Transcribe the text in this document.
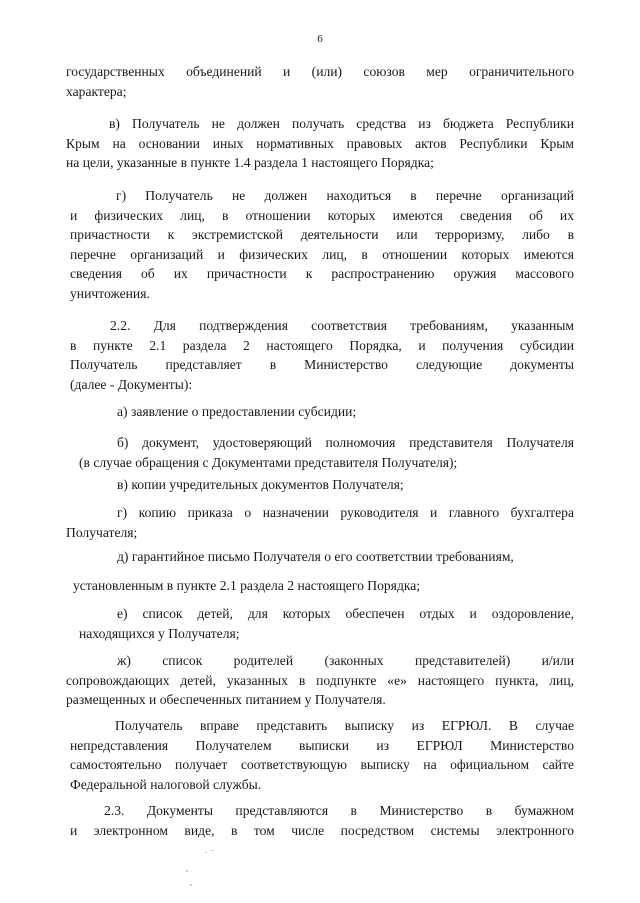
6
государственных объединений и (или) союзов мер ограничительного
характера;
в) Получатель не должен получать средства из бюджета Республики
Крым на основании иных нормативных правовых актов Республики Крым
на цели, указанные в пункте 1.4 раздела 1 настоящего Порядка;
г) Получатель не должен находиться в перечне организаций
и физических лиц, в отношении которых имеются сведения об их
причастности к экстремистской деятельности или терроризму, либо в
перечне организаций и физических лиц, в отношении которых имеются
сведения об их причастности к распространению оружия массового
уничтожения.
2.2. Для подтверждения соответствия требованиям, указанным
в пункте 2.1 раздела 2 настоящего Порядка, и получения субсидии
Получатель представляет в Министерство следующие документы
(далее - Документы):
а) заявление о предоставлении субсидии;
б) документ, удостоверяющий полномочия представителя Получателя
(в случае обращения с Документами представителя Получателя);
в) копии учредительных документов Получателя;
г) копию приказа о назначении руководителя и главного бухгалтера
Получателя;
д) гарантийное письмо Получателя о его соответствии требованиям,
установленным в пункте 2.1 раздела 2 настоящего Порядка;
е) список детей, для которых обеспечен отдых и оздоровление,
находящихся у Получателя;
ж) список родителей (законных представителей) и/или
сопровождающих детей, указанных в подпункте «е» настоящего пункта, лиц,
размещенных и обеспеченных питанием у Получателя.
Получатель вправе представить выписку из ЕГРЮЛ. В случае
непредставления Получателем выписки из ЕГРЮЛ Министерство
самостоятельно получает соответствующую выписку на официальном сайте
Федеральной налоговой службы.
2.3. Документы представляются в Министерство в бумажном
и электронном виде, в том числе посредством системы электронного
